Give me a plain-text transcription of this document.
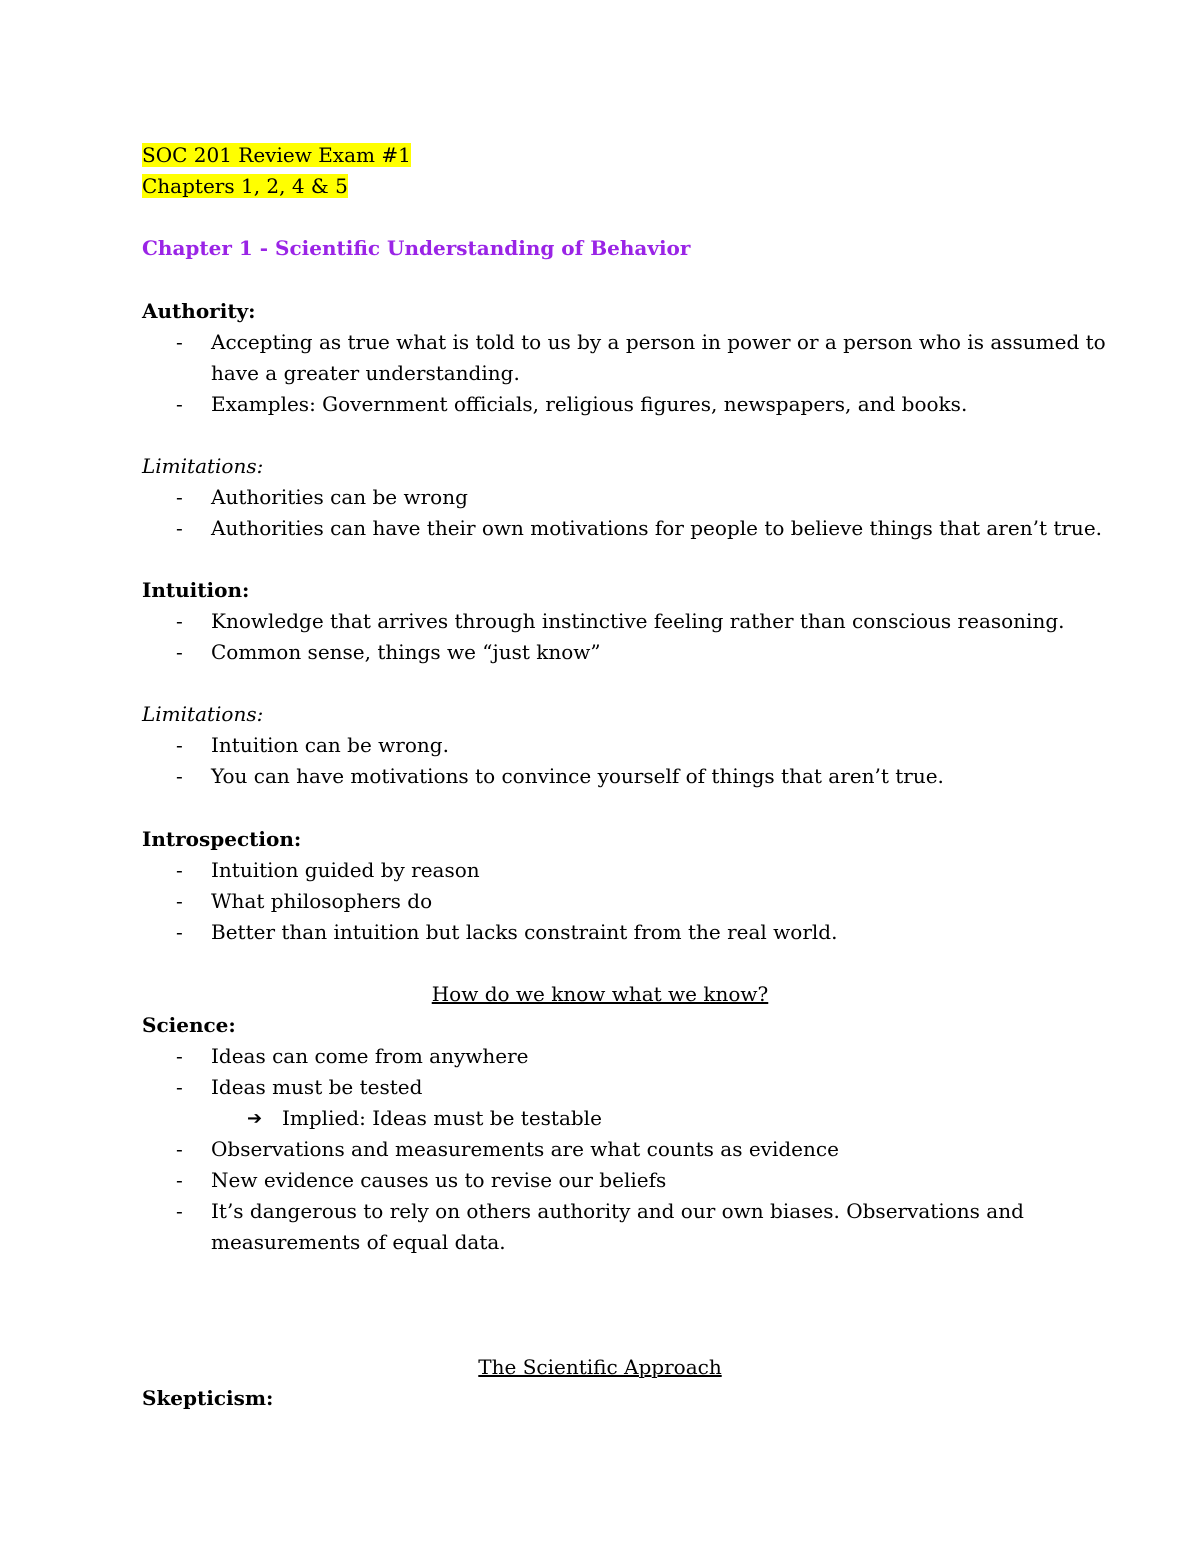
SOC 201 Review Exam #1
Chapters 1, 2, 4 & 5
Chapter 1 - Scientific Understanding of Behavior
Authority:
- Accepting as true what is told to us by a person in power or a person who is assumed to
have a greater understanding.
- Examples: Government officials, religious figures, newspapers, and books.
Limitations:
- Authorities can be wrong
- Authorities can have their own motivations for people to believe things that aren’t true.
Intuition:
- Knowledge that arrives through instinctive feeling rather than conscious reasoning.
- Common sense, things we “just know”
Limitations:
- Intuition can be wrong.
- You can have motivations to convince yourself of things that aren’t true.
Introspection:
- Intuition guided by reason
- What philosophers do
- Better than intuition but lacks constraint from the real world.
How do we know what we know?
Science:
- Ideas can come from anywhere
- Ideas must be tested
➔ Implied: Ideas must be testable
- Observations and measurements are what counts as evidence
- New evidence causes us to revise our beliefs
- It’s dangerous to rely on others authority and our own biases. Observations and
measurements of equal data.
The Scientific Approach
Skepticism:
